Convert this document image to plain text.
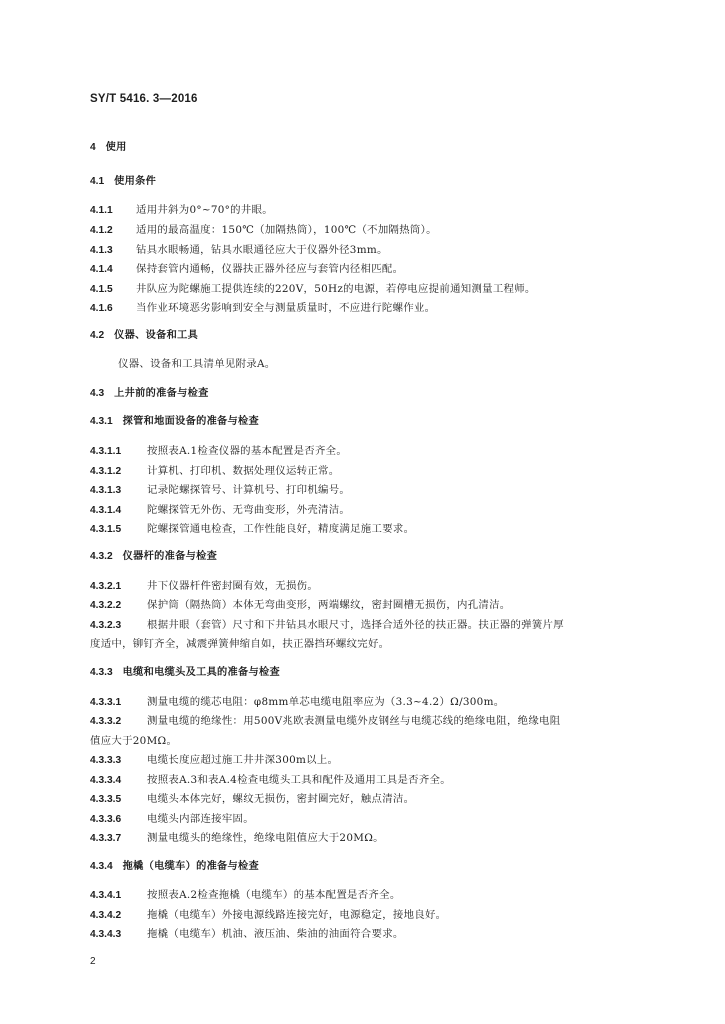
SY/T 5416. 3—2016
4 使用
4.1 使用条件
4.1.1 适用井斜为0°~70°的井眼。
4.1.2 适用的最高温度：150℃（加隔热筒），100℃（不加隔热筒）。
4.1.3 钻具水眼畅通，钻具水眼通径应大于仪器外径3mm。
4.1.4 保持套管内通畅，仪器扶正器外径应与套管内径相匹配。
4.1.5 井队应为陀螺施工提供连续的220V，50Hz的电源，若停电应提前通知测量工程师。
4.1.6 当作业环境恶劣影响到安全与测量质量时，不应进行陀螺作业。
4.2 仪器、设备和工具
仪器、设备和工具清单见附录A。
4.3 上井前的准备与检查
4.3.1 探管和地面设备的准备与检查
4.3.1.1 按照表A.1检查仪器的基本配置是否齐全。
4.3.1.2 计算机、打印机、数据处理仪运转正常。
4.3.1.3 记录陀螺探管号、计算机号、打印机编号。
4.3.1.4 陀螺探管无外伤、无弯曲变形，外壳清洁。
4.3.1.5 陀螺探管通电检查，工作性能良好，精度满足施工要求。
4.3.2 仪器杆的准备与检查
4.3.2.1 井下仪器杆件密封圈有效，无损伤。
4.3.2.2 保护筒（隔热筒）本体无弯曲变形，两端螺纹，密封圈槽无损伤，内孔清洁。
4.3.2.3 根据井眼（套管）尺寸和下井钻具水眼尺寸，选择合适外径的扶正器。扶正器的弹簧片厚
度适中，铆钉齐全，减震弹簧伸缩自如，扶正器挡环螺纹完好。
4.3.3 电缆和电缆头及工具的准备与检查
4.3.3.1 测量电缆的缆芯电阻：φ8mm单芯电缆电阻率应为（3.3~4.2）Ω/300m。
4.3.3.2 测量电缆的绝缘性：用500V兆欧表测量电缆外皮钢丝与电缆芯线的绝缘电阻，绝缘电阻
值应大于20MΩ。
4.3.3.3 电缆长度应超过施工井井深300m以上。
4.3.3.4 按照表A.3和表A.4检查电缆头工具和配件及通用工具是否齐全。
4.3.3.5 电缆头本体完好，螺纹无损伤，密封圈完好，触点清洁。
4.3.3.6 电缆头内部连接牢固。
4.3.3.7 测量电缆头的绝缘性，绝缘电阻值应大于20MΩ。
4.3.4 拖橇（电缆车）的准备与检查
4.3.4.1 按照表A.2检查拖橇（电缆车）的基本配置是否齐全。
4.3.4.2 拖橇（电缆车）外接电源线路连接完好，电源稳定，接地良好。
4.3.4.3 拖橇（电缆车）机油、液压油、柴油的油面符合要求。
2
